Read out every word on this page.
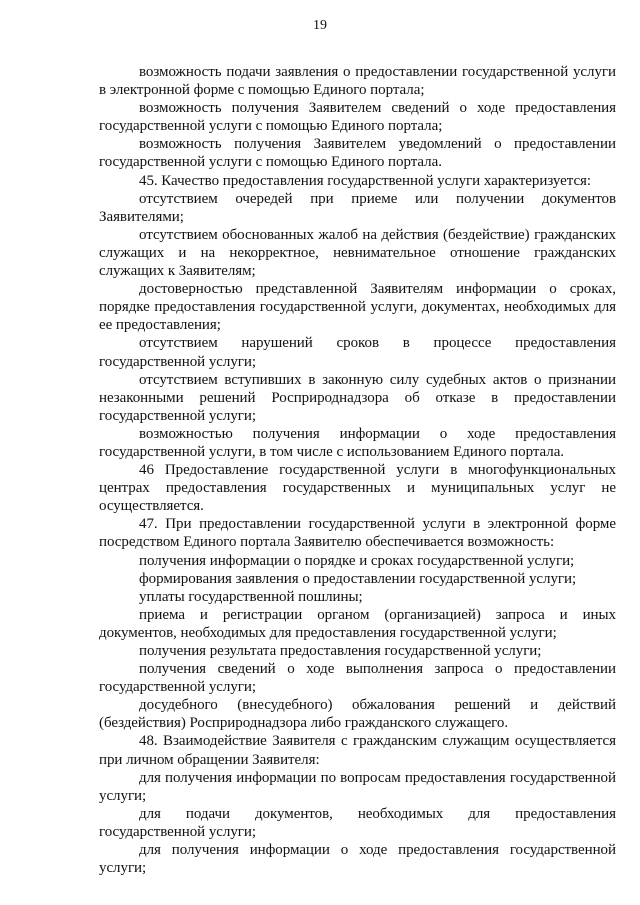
19

возможность подачи заявления о предоставлении государственной услуги в электронной форме с помощью Единого портала;

возможность получения Заявителем сведений о ходе предоставления государственной услуги с помощью Единого портала;

возможность получения Заявителем уведомлений о предоставлении государственной услуги с помощью Единого портала.

45. Качество предоставления государственной услуги характеризуется:

отсутствием очередей при приеме или получении документов Заявителями;

отсутствием обоснованных жалоб на действия (бездействие) гражданских служащих и на некорректное, невнимательное отношение гражданских служащих к Заявителям;

достоверностью представленной Заявителям информации о сроках, порядке предоставления государственной услуги, документах, необходимых для ее предоставления;

отсутствием нарушений сроков в процессе предоставления государственной услуги;

отсутствием вступивших в законную силу судебных актов о признании незаконными решений Росприроднадзора об отказе в предоставлении государственной услуги;

возможностью получения информации о ходе предоставления государственной услуги, в том числе с использованием Единого портала.

46 Предоставление государственной услуги в многофункциональных центрах предоставления государственных и муниципальных услуг не осуществляется.

47. При предоставлении государственной услуги в электронной форме посредством Единого портала Заявителю обеспечивается возможность:

получения информации о порядке и сроках государственной услуги;

формирования заявления о предоставлении государственной услуги;

уплаты государственной пошлины;

приема и регистрации органом (организацией) запроса и иных документов, необходимых для предоставления государственной услуги;

получения результата предоставления государственной услуги;

получения сведений о ходе выполнения запроса о предоставлении государственной услуги;

досудебного (внесудебного) обжалования решений и действий (бездействия) Росприроднадзора либо гражданского служащего.

48. Взаимодействие Заявителя с гражданским служащим осуществляется при личном обращении Заявителя:

для получения информации по вопросам предоставления государственной услуги;

для подачи документов, необходимых для предоставления государственной услуги;

для получения информации о ходе предоставления государственной услуги;
